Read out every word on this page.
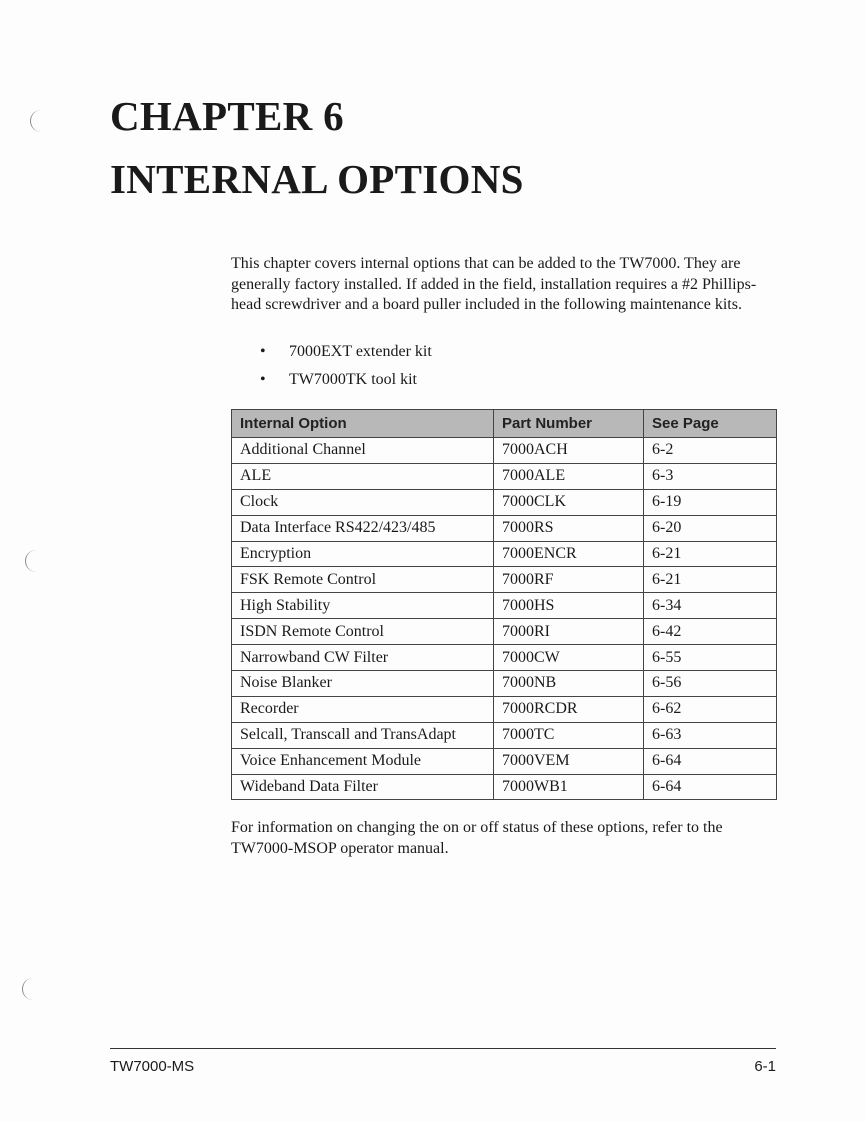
CHAPTER 6
INTERNAL OPTIONS
This chapter covers internal options that can be added to the TW7000. They are generally factory installed. If added in the field, installation requires a #2 Phillips-head screwdriver and a board puller included in the following maintenance kits.
• 7000EXT extender kit
• TW7000TK tool kit
Internal Option	Part Number	See Page
Additional Channel	7000ACH	6-2
ALE	7000ALE	6-3
Clock	7000CLK	6-19
Data Interface RS422/423/485	7000RS	6-20
Encryption	7000ENCR	6-21
FSK Remote Control	7000RF	6-21
High Stability	7000HS	6-34
ISDN Remote Control	7000RI	6-42
Narrowband CW Filter	7000CW	6-55
Noise Blanker	7000NB	6-56
Recorder	7000RCDR	6-62
Selcall, Transcall and TransAdapt	7000TC	6-63
Voice Enhancement Module	7000VEM	6-64
Wideband Data Filter	7000WB1	6-64
For information on changing the on or off status of these options, refer to the TW7000-MSOP operator manual.
TW7000-MS	6-1
